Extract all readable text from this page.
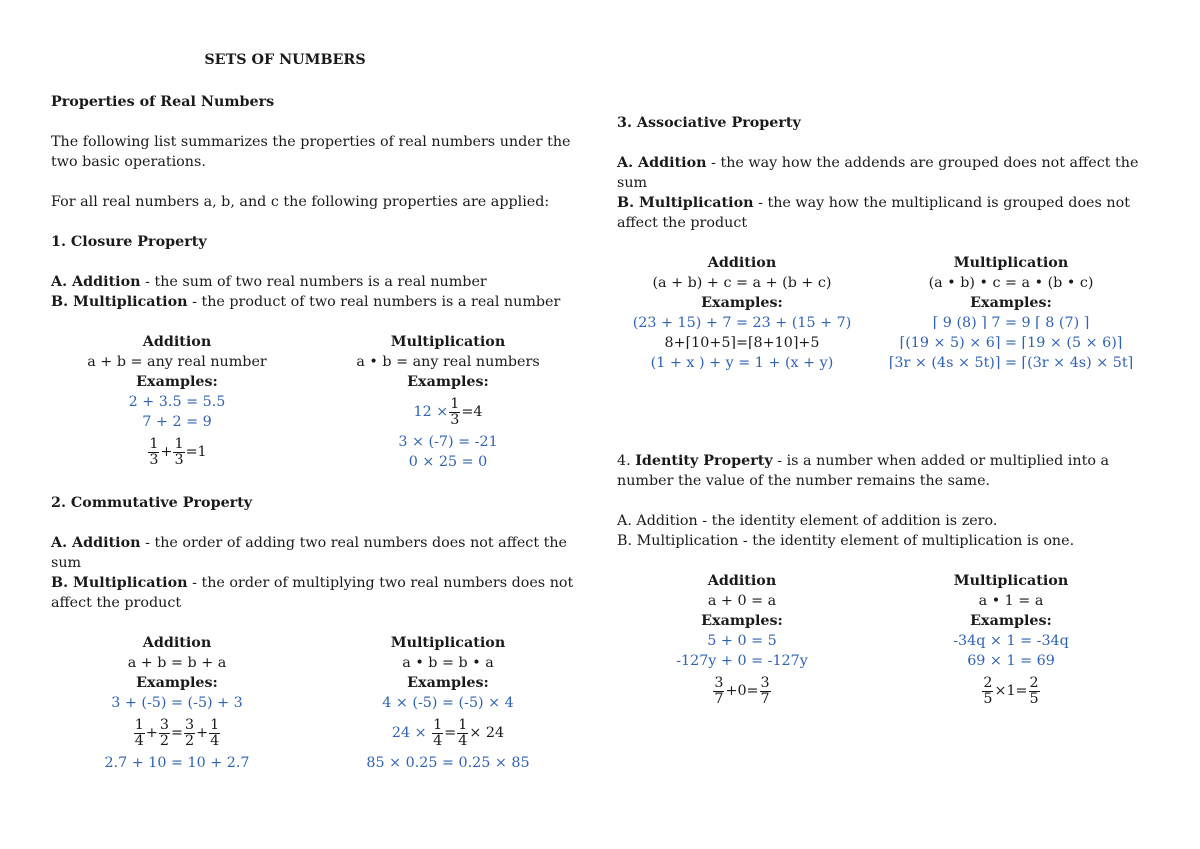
SETS OF NUMBERS
Properties of Real Numbers
The following list summarizes the properties of real numbers under the
two basic operations.
For all real numbers a, b, and c the following properties are applied:
1. Closure Property
A. Addition - the sum of two real numbers is a real number
B. Multiplication - the product of two real numbers is a real number
Addition
a + b = any real number
Examples:
2 + 3.5 = 5.5
7 + 2 = 9
$\frac{1}{3} + \frac{1}{3} =1$
Multiplication
a • b = any real numbers
Examples:
$12 \times \frac{1}{3} =4$
3 × (-7) = -21
0 × 25 = 0
2. Commutative Property
A. Addition - the order of adding two real numbers does not affect the
sum
B. Multiplication - the order of multiplying two real numbers does not
affect the product
Addition
a + b = b + a
Examples:
3 + (-5) = (-5) + 3
$\frac{1}{4} + \frac{3}{2} = \frac{3}{2} + \frac{1}{4}$
2.7 + 10 = 10 + 2.7
Multiplication
a • b = b • a
Examples:
4 × (-5) = (-5) × 4
24 ×
$\frac{1}{4} = \frac{1}{4} \times 24$
85 × 0.25 = 0.25 × 85
3. Associative Property
A. Addition - the way how the addends are grouped does not affect the
sum
B. Multiplication - the way how the multiplicand is grouped does not
affect the product
Addition
(a + b) + c = a + (b + c)
Examples:
(23 + 15) + 7 = 23 + (15 + 7)
8+⌈10+5⌉=⌈8+10⌉+5
(1 + x ) + y = 1 + (x + y)
Multiplication
(a • b) • c = a • (b • c)
Examples:
⌈ 9 (8) ⌉ 7 = 9 ⌈ 8 (7) ⌉
⌈(19 × 5) × 6⌉ = ⌈19 × (5 × 6)⌉
⌈3r × (4s × 5t)⌉ = ⌈(3r × 4s) × 5t⌉
4. Identity Property - is a number when added or multiplied into a
number the value of the number remains the same.
A. Addition - the identity element of addition is zero.
B. Multiplication - the identity element of multiplication is one.
Addition
a + 0 = a
Examples:
5 + 0 = 5
-127y + 0 = -127y
$\frac{3}{7} +0= \frac{3}{7}$
Multiplication
a • 1 = a
Examples:
-34q × 1 = -34q
69 × 1 = 69
$\frac{2}{5} \times 1= \frac{2}{5}$
